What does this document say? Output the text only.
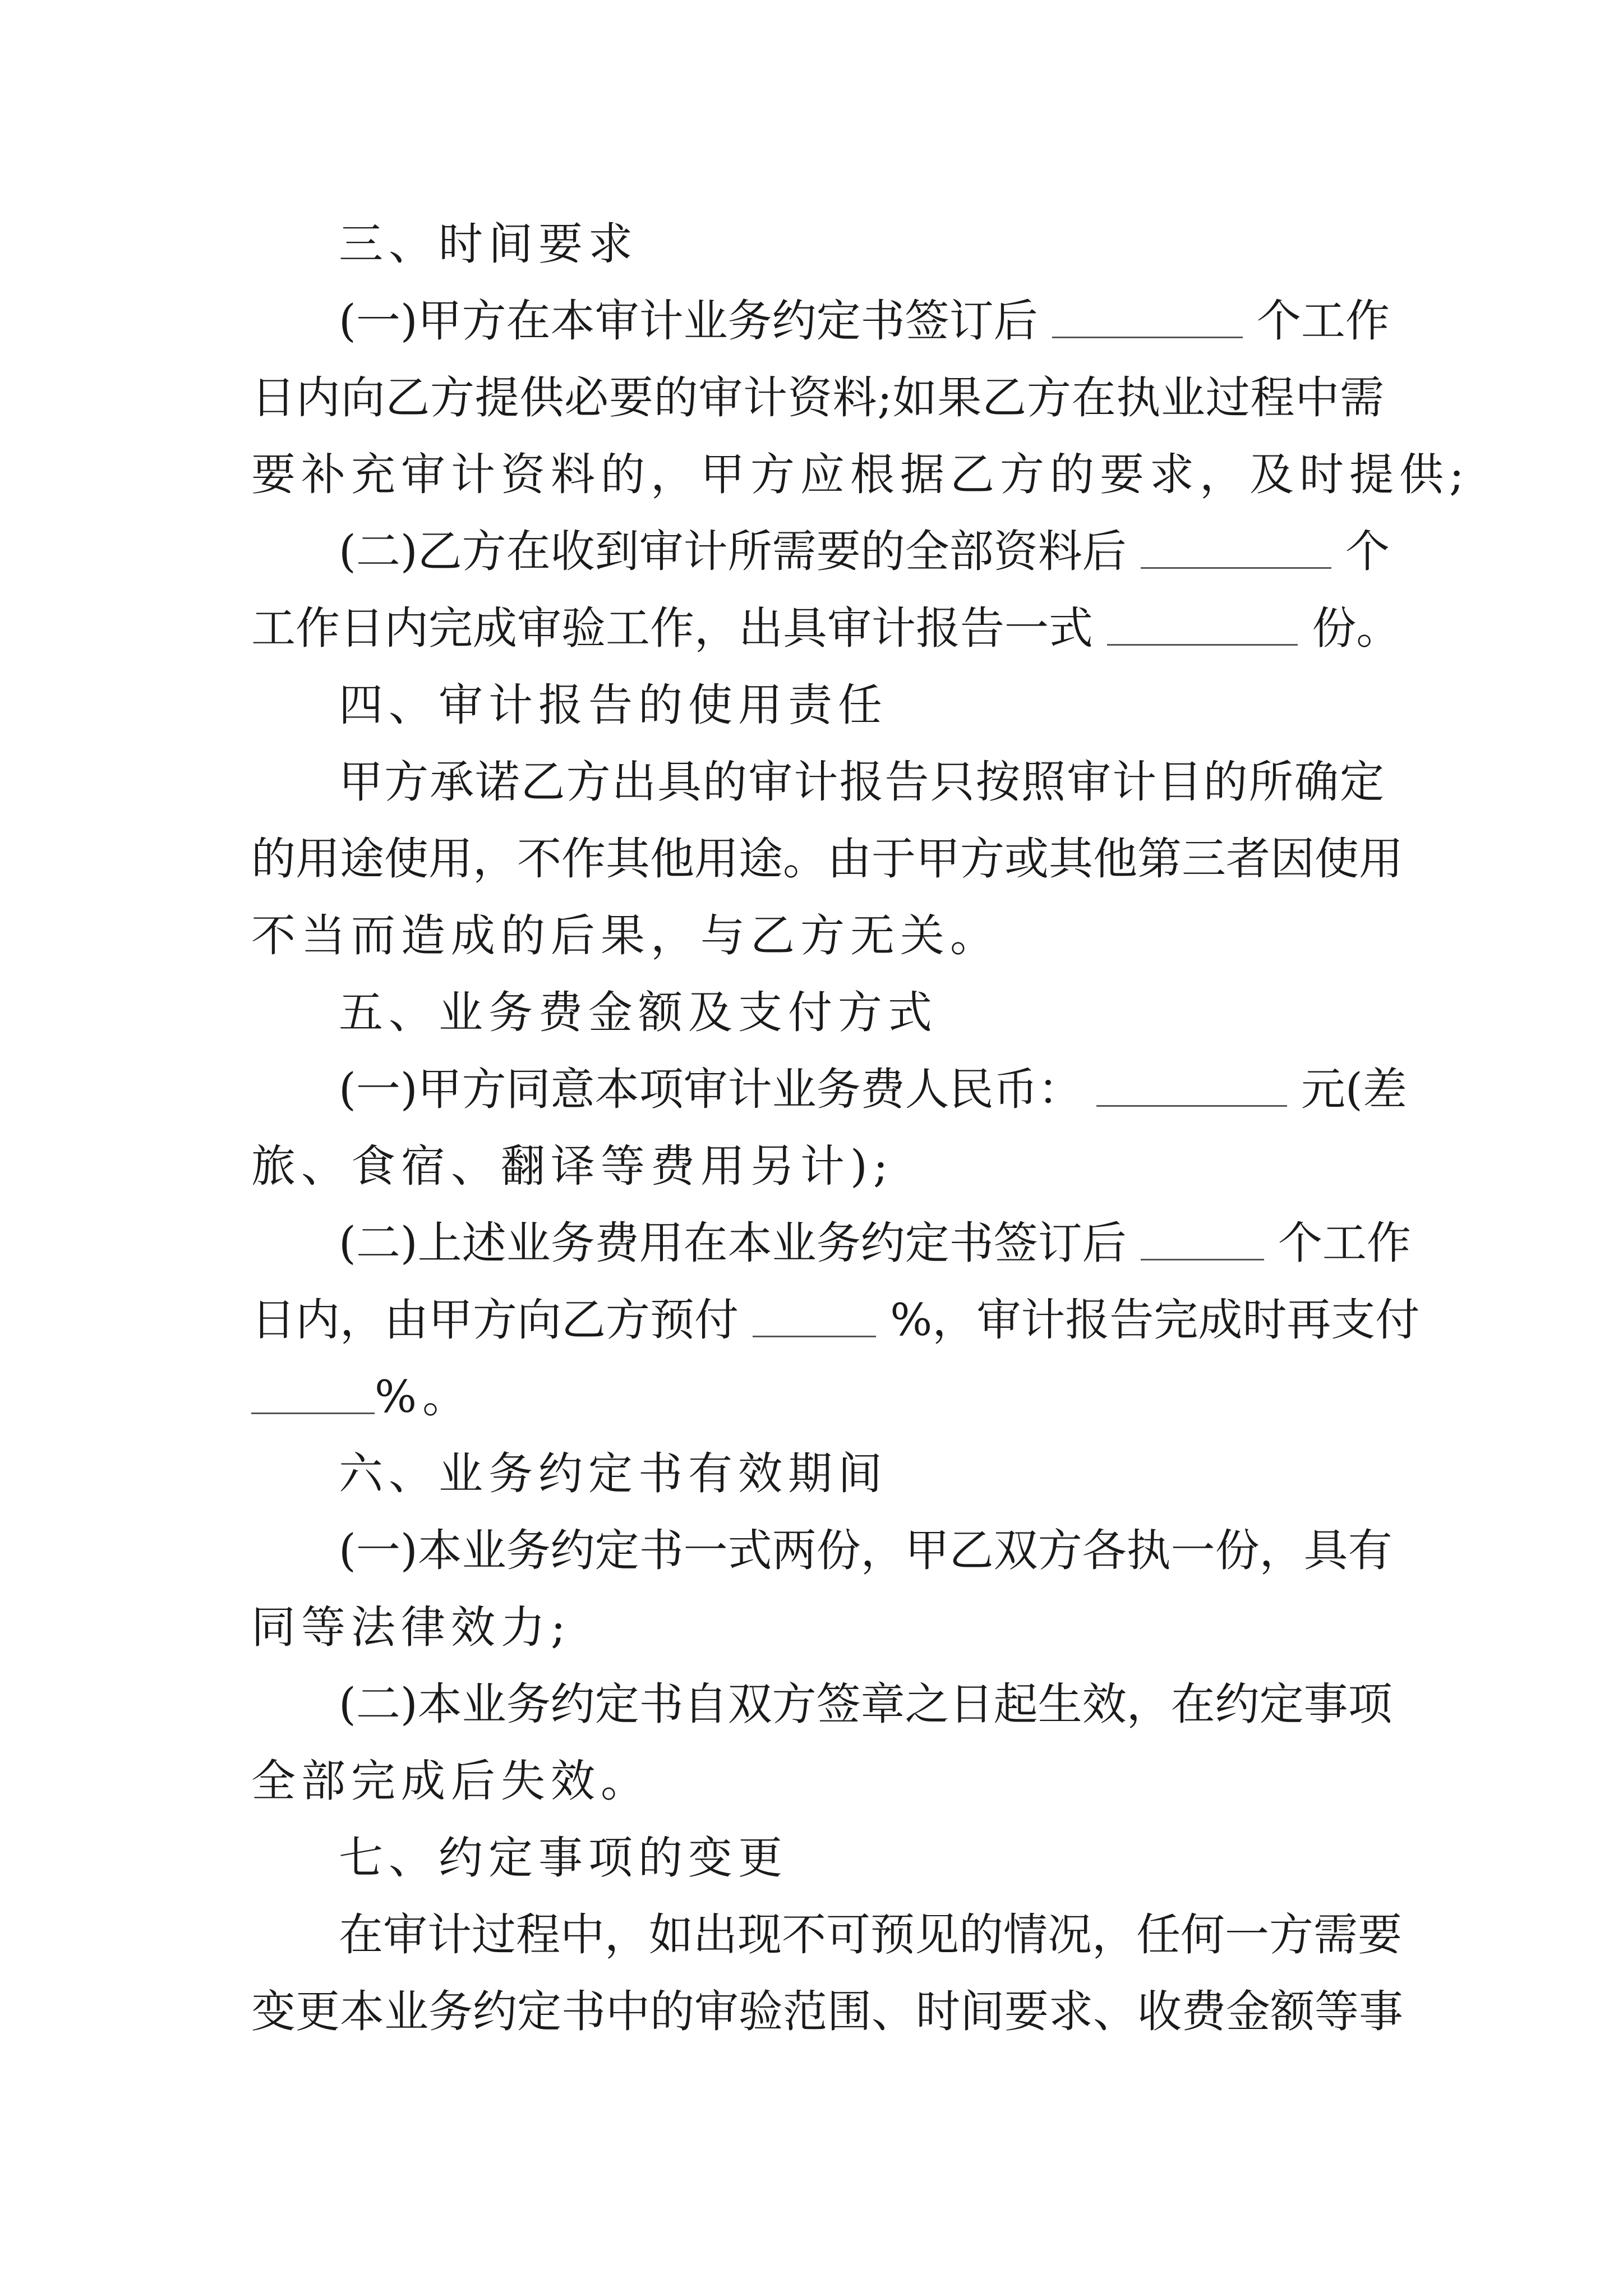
三、时间要求
(一)甲方在本审计业务约定书签订后	个工作
日内向乙方提供必要的审计资料;如果乙方在执业过程中需
要补充审计资料的，甲方应根据乙方的要求，及时提供;
(二)乙方在收到审计所需要的全部资料后	个
工作日内完成审验工作，出具审计报告一式	份。
四、审计报告的使用责任
甲方承诺乙方出具的审计报告只按照审计目的所确定
的用途使用，不作其他用途。由于甲方或其他第三者因使用
不当而造成的后果，与乙方无关。
五、业务费金额及支付方式
(一)甲方同意本项审计业务费人民币：	元(差
旅、食宿、翻译等费用另计);
(二)上述业务费用在本业务约定书签订后	个工作
日内，由甲方向乙方预付	%，审计报告完成时再支付
%。
六、业务约定书有效期间
(一)本业务约定书一式两份，甲乙双方各执一份，具有
同等法律效力;
(二)本业务约定书自双方签章之日起生效，在约定事项
全部完成后失效。
七、约定事项的变更
在审计过程中，如出现不可预见的情况，任何一方需要
变更本业务约定书中的审验范围、时间要求、收费金额等事
